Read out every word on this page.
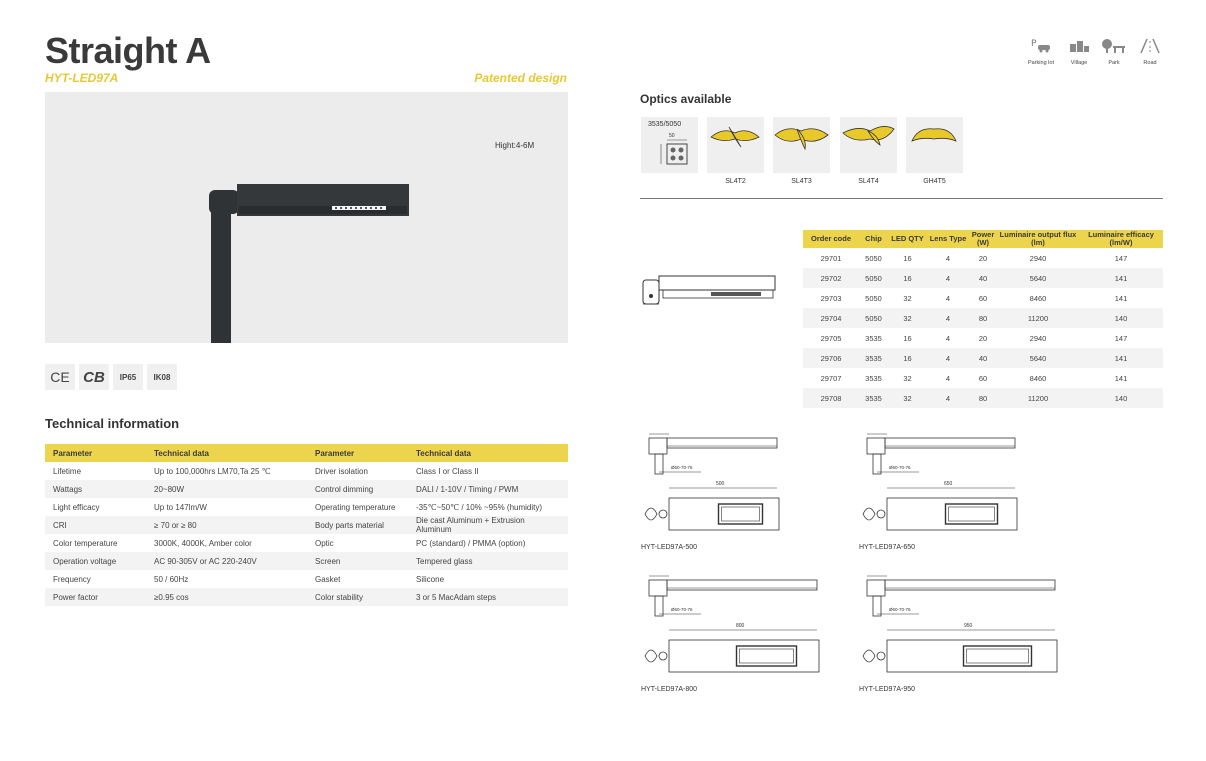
Straight A
HYT-LED97A	Patented design
P
Parking lot	Village	Park	Road
Hight:4-6M
CE CB	IP65	IK08
Technical information
Parameter	Technical data	Parameter	Technical data
Lifetime	Up to 100,000hrs LM70,Ta 25 ℃	Driver isolation	Class I or Class II
Wattags	20~80W	Control dimming	DALI / 1-10V / Timing / PWM
Light efficacy	Up to 147lm/W	Operating temperature	-35℃~50℃ / 10% ~95% (humidity)
CRI	≥ 70 or ≥ 80	Body parts material	Die cast Aluminum + Extrusion Aluminum
Color temperature	3000K, 4000K, Amber color	Optic	PC (standard) / PMMA (option)
Operation voltage	AC 90-305V or AC 220-240V	Screen	Tempered glass
Frequency	50 / 60Hz	Gasket	Silicone
Power factor	≥0.95 cos	Color stability	3 or 5 MacAdam steps
Optics available
3535/5050
50
SL4T2	SL4T3	SL4T4	GH4T5
Order code	Chip	LED QTY	Lens Type	Power (W)	Luminaire output flux (lm)	Luminaire efficacy (lm/W)
29701	5050	16	4	20	2940	147
29702	5050	16	4	40	5640	141
29703	5050	32	4	60	8460	141
29704	5050	32	4	80	11200	140
29705	3535	16	4	20	2940	147
29706	3535	16	4	40	5640	141
29707	3535	32	4	60	8460	141
29708	3535	32	4	80	11200	140
500
Ø60-70-76
HYT-LED97A-500
650
Ø60-70-76
HYT-LED97A-650
800
Ø60-70-76
HYT-LED97A-800
950
Ø60-70-76
HYT-LED97A-950
